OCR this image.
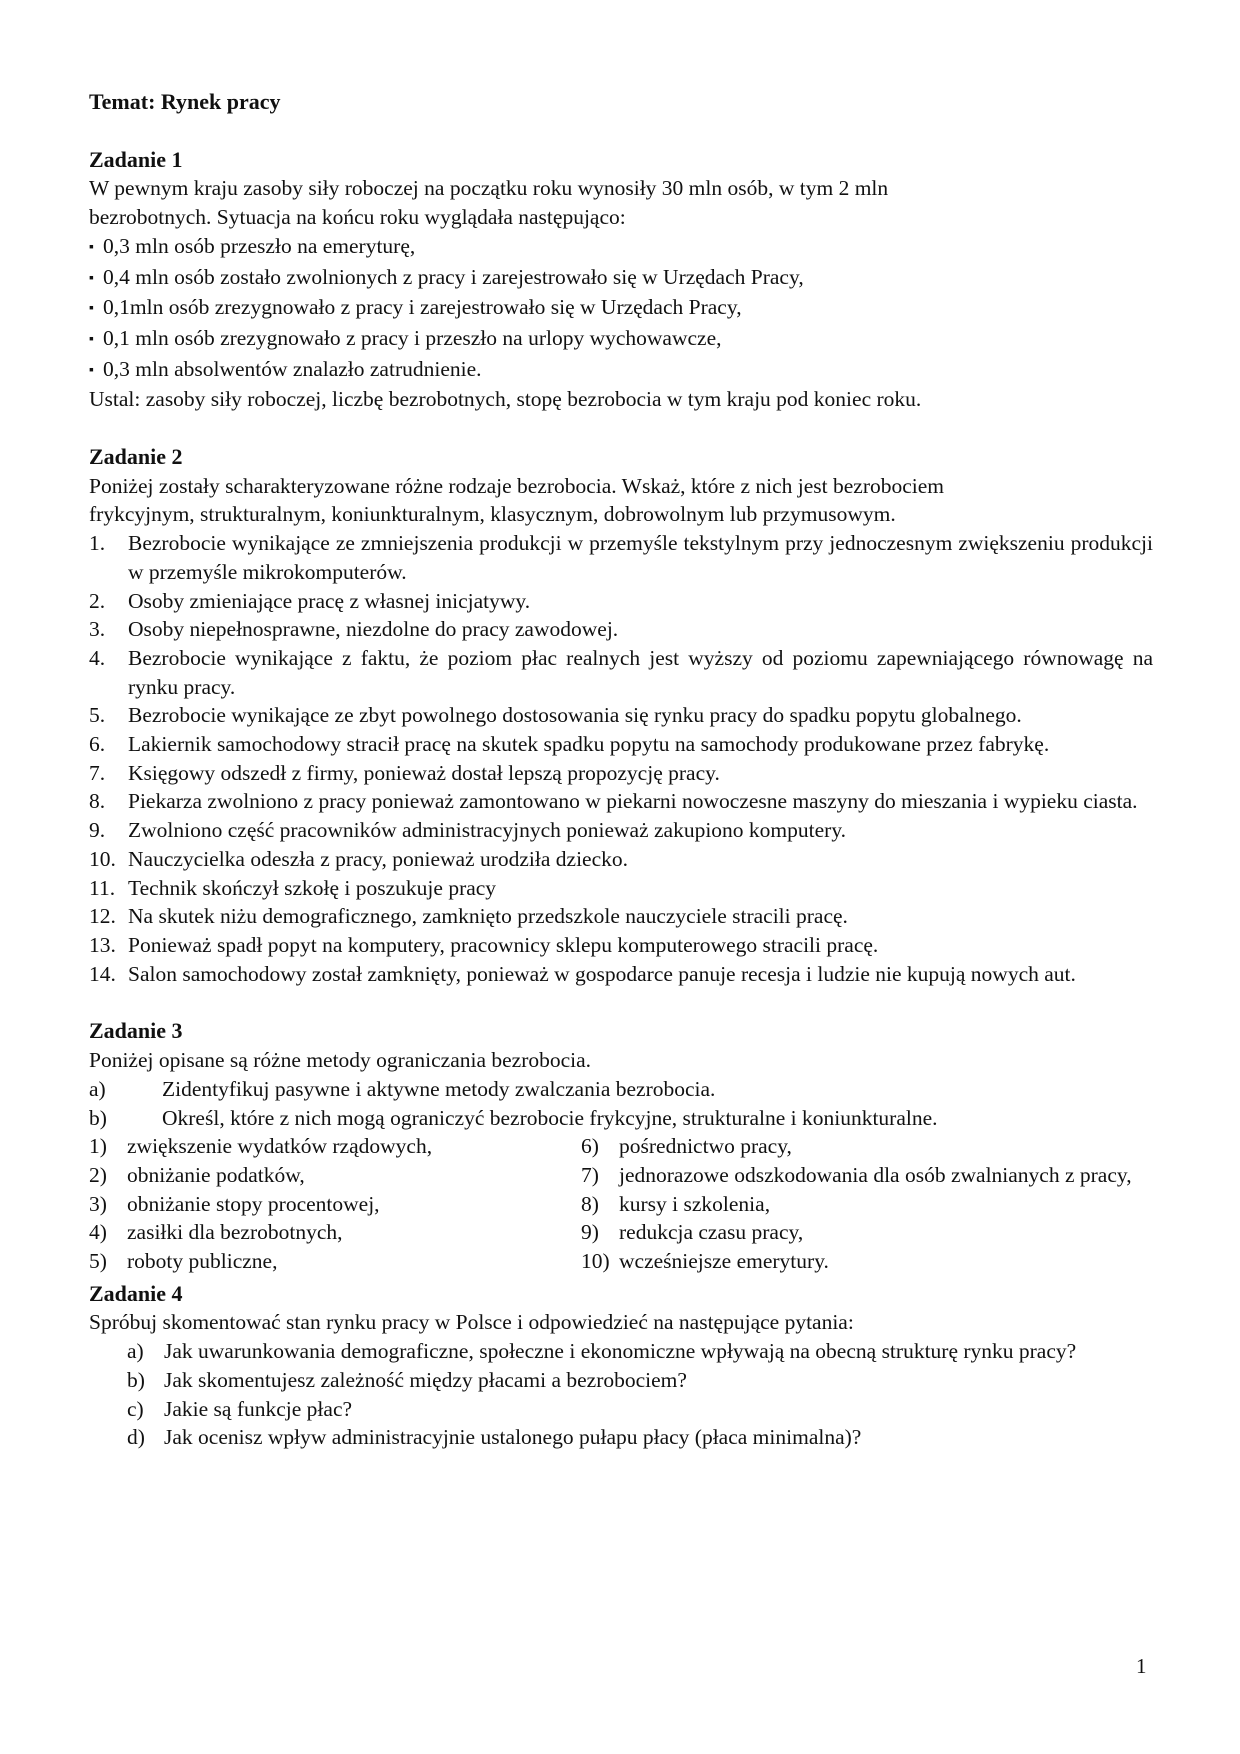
Temat: Rynek pracy
Zadanie 1
W pewnym kraju zasoby siły roboczej na początku roku wynosiły 30 mln osób, w tym 2 mln
bezrobotnych. Sytuacja na końcu roku wyglądała następująco:
▪ 0,3 mln osób przeszło na emeryturę,
▪ 0,4 mln osób zostało zwolnionych z pracy i zarejestrowało się w Urzędach Pracy,
▪ 0,1mln osób zrezygnowało z pracy i zarejestrowało się w Urzędach Pracy,
▪ 0,1 mln osób zrezygnowało z pracy i przeszło na urlopy wychowawcze,
▪ 0,3 mln absolwentów znalazło zatrudnienie.
Ustal: zasoby siły roboczej, liczbę bezrobotnych, stopę bezrobocia w tym kraju pod koniec roku.
Zadanie 2
Poniżej zostały scharakteryzowane różne rodzaje bezrobocia. Wskaż, które z nich jest bezrobociem
frykcyjnym, strukturalnym, koniunkturalnym, klasycznym, dobrowolnym lub przymusowym.
1.	Bezrobocie wynikające ze zmniejszenia produkcji w przemyśle tekstylnym przy jednoczesnym zwiększeniu produkcji w przemyśle mikrokomputerów.
2.	Osoby zmieniające pracę z własnej inicjatywy.
3.	Osoby niepełnosprawne, niezdolne do pracy zawodowej.
4.	Bezrobocie wynikające z faktu, że poziom płac realnych jest wyższy od poziomu zapewniającego równowagę na rynku pracy.
5.	Bezrobocie wynikające ze zbyt powolnego dostosowania się rynku pracy do spadku popytu globalnego.
6.	Lakiernik samochodowy stracił pracę na skutek spadku popytu na samochody produkowane przez fabrykę.
7.	Księgowy odszedł z firmy, ponieważ dostał lepszą propozycję pracy.
8.	Piekarza zwolniono z pracy ponieważ zamontowano w piekarni nowoczesne maszyny do mieszania i wypieku ciasta.
9.	Zwolniono część pracowników administracyjnych ponieważ zakupiono komputery.
10. Nauczycielka odeszła z pracy, ponieważ urodziła dziecko.
11. Technik skończył szkołę i poszukuje pracy
12. Na skutek niżu demograficznego, zamknięto przedszkole nauczyciele stracili pracę.
13. Ponieważ spadł popyt na komputery, pracownicy sklepu komputerowego stracili pracę.
14. Salon samochodowy został zamknięty, ponieważ w gospodarce panuje recesja i ludzie nie kupują nowych aut.
Zadanie 3
Poniżej opisane są różne metody ograniczania bezrobocia.
a)	Zidentyfikuj pasywne i aktywne metody zwalczania bezrobocia.
b)	Określ, które z nich mogą ograniczyć bezrobocie frykcyjne, strukturalne i koniunkturalne.
1) zwiększenie wydatków rządowych,
2) obniżanie podatków,
3) obniżanie stopy procentowej,
4) zasiłki dla bezrobotnych,
5) roboty publiczne,
6) pośrednictwo pracy,
7) jednorazowe odszkodowania dla osób zwalnianych z pracy,
8) kursy i szkolenia,
9) redukcja czasu pracy,
10) wcześniejsze emerytury.
Zadanie 4
Spróbuj skomentować stan rynku pracy w Polsce i odpowiedzieć na następujące pytania:
a) Jak uwarunkowania demograficzne, społeczne i ekonomiczne wpływają na obecną strukturę rynku pracy?
b) Jak skomentujesz zależność między płacami a bezrobociem?
c) Jakie są funkcje płac?
d) Jak ocenisz wpływ administracyjnie ustalonego pułapu płacy (płaca minimalna)?
1
